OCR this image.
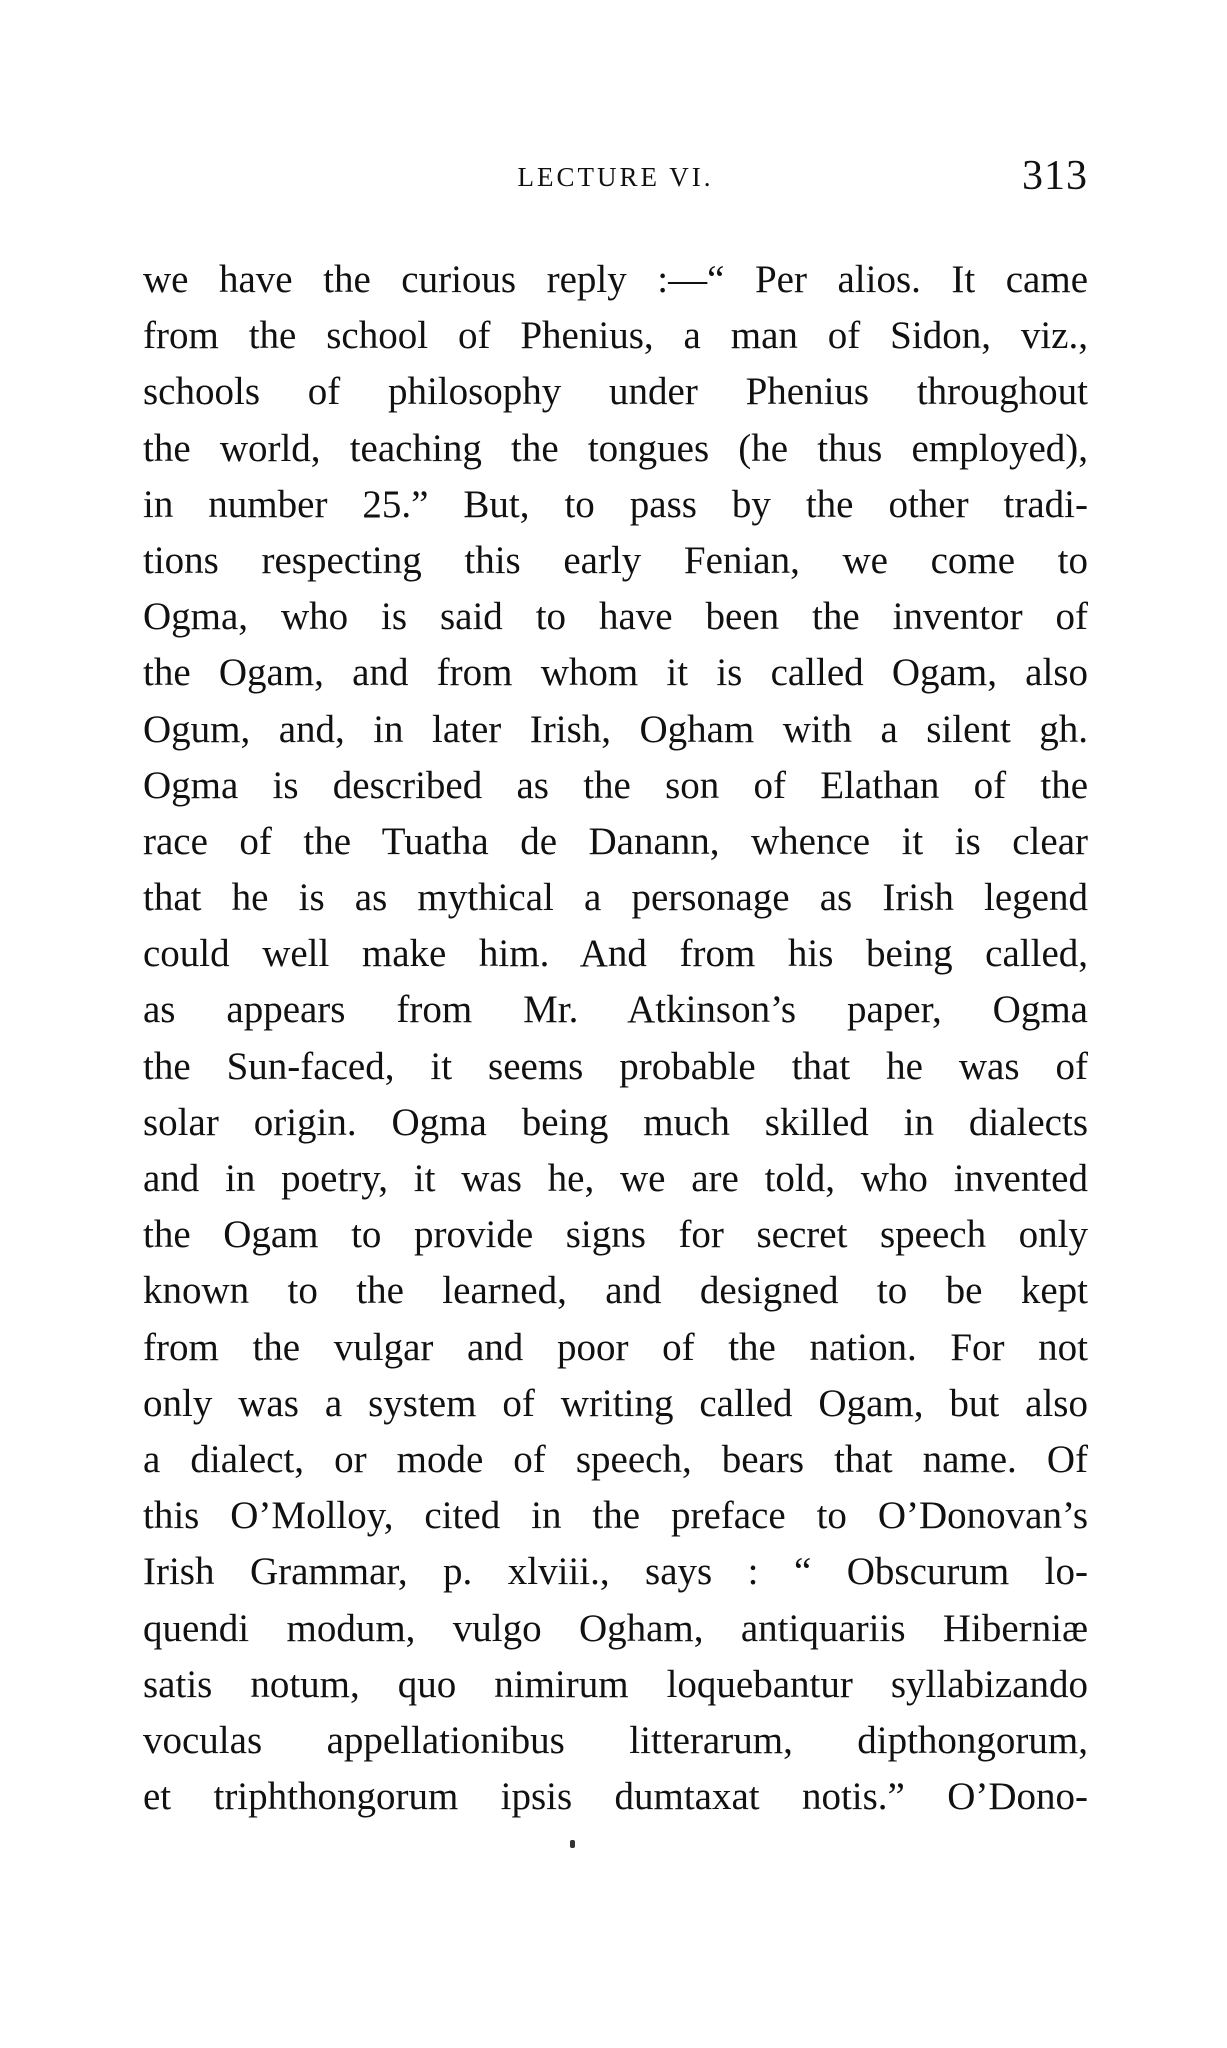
LECTURE VI.	313
we have the curious reply :—“ Per alios. It came
from the school of Phenius, a man of Sidon, viz.,
schools of philosophy under Phenius throughout
the world, teaching the tongues (he thus employed),
in number 25.” But, to pass by the other tradi-
tions respecting this early Fenian, we come to
Ogma, who is said to have been the inventor of
the Ogam, and from whom it is called Ogam, also
Ogum, and, in later Irish, Ogham with a silent gh.
Ogma is described as the son of Elathan of the
race of the Tuatha de Danann, whence it is clear
that he is as mythical a personage as Irish legend
could well make him. And from his being called,
as appears from Mr. Atkinson’s paper, Ogma
the Sun-faced, it seems probable that he was of
solar origin. Ogma being much skilled in dialects
and in poetry, it was he, we are told, who invented
the Ogam to provide signs for secret speech only
known to the learned, and designed to be kept
from the vulgar and poor of the nation. For not
only was a system of writing called Ogam, but also
a dialect, or mode of speech, bears that name. Of
this O’Molloy, cited in the preface to O’Donovan’s
Irish Grammar, p. xlviii., says : “ Obscurum lo-
quendi modum, vulgo Ogham, antiquariis Hiberniæ
satis notum, quo nimirum loquebantur syllabizando
voculas appellationibus litterarum, dipthongorum,
et triphthongorum ipsis dumtaxat notis.” O’Dono-
